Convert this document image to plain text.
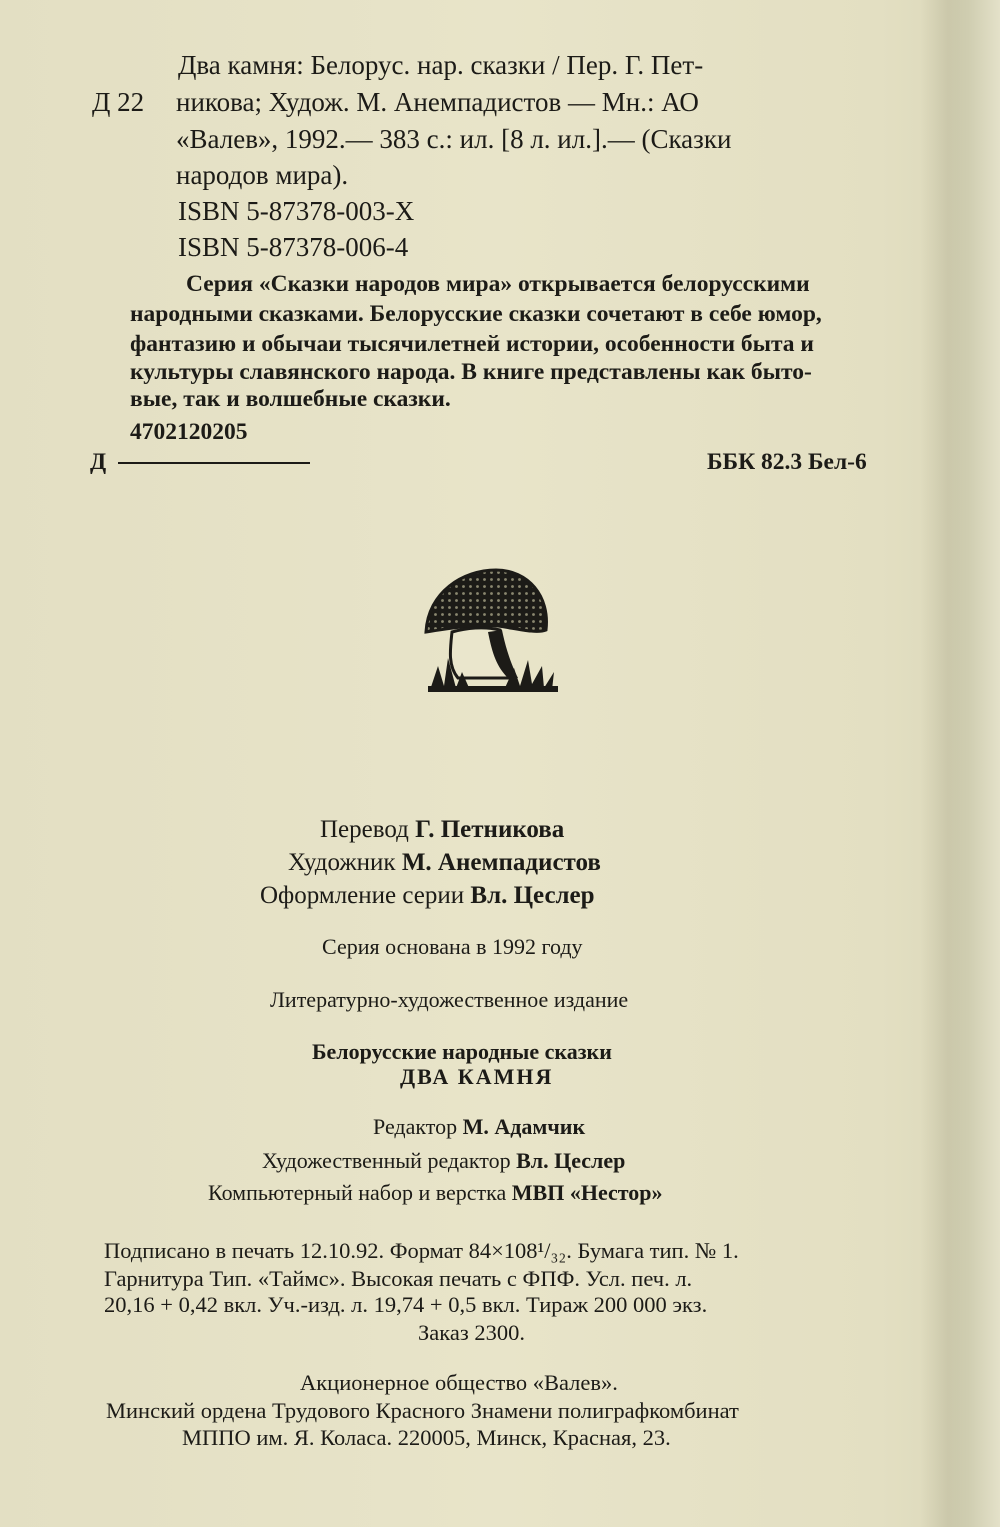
Два камня: Белорус. нар. сказки / Пер. Г. Пет-
Д 22 никова; Худож. М. Анемпадистов — Мн.: АО
«Валев», 1992.— 383 с.: ил. [8 л. ил.].— (Сказки
народов мира).
ISBN 5-87378-003-X
ISBN 5-87378-006-4
Серия «Сказки народов мира» открывается белорусскими
народными сказками. Белорусские сказки сочетают в себе юмор,
фантазию и обычаи тысячилетней истории, особенности быта и
культуры славянского народа. В книге представлены как быто-
вые, так и волшебные сказки.
4702120205
Д	ББК 82.3 Бел-6
Перевод Г. Петникова
Художник М. Анемпадистов
Оформление серии Вл. Цеслер
Серия основана в 1992 году
Литературно-художественное издание
Белорусские народные сказки
ДВА КАМНЯ
Редактор М. Адамчик
Художественный редактор Вл. Цеслер
Компьютерный набор и верстка МВП «Нестор»
Подписано в печать 12.10.92. Формат 84×108¹/₃₂. Бумага тип. № 1.
Гарнитура Тип. «Таймс». Высокая печать с ФПФ. Усл. печ. л.
20,16 + 0,42 вкл. Уч.-изд. л. 19,74 + 0,5 вкл. Тираж 200 000 экз.
Заказ 2300.
Акционерное общество «Валев».
Минский ордена Трудового Красного Знамени полиграфкомбинат
МППО им. Я. Коласа. 220005, Минск, Красная, 23.
